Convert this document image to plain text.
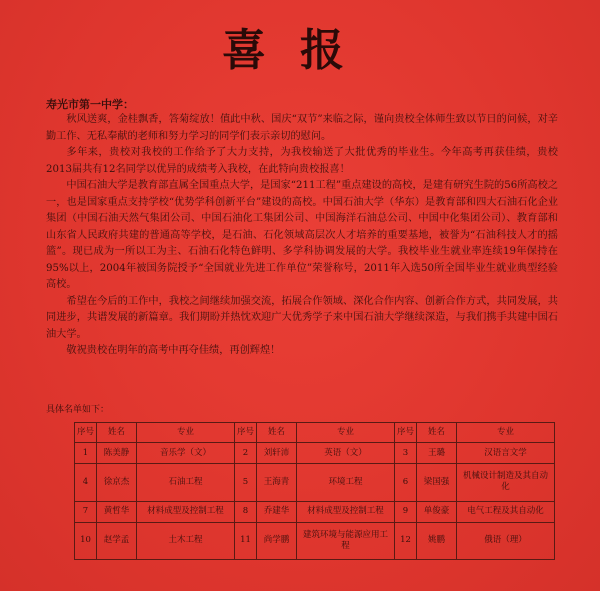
喜报
寿光市第一中学：

秋风送爽，金桂飘香，答菊绽放！值此中秋、国庆“双节”来临之际，谨向贵校全体师生致以节日的问候，对辛勤工作、无私奉献的老师和努力学习的同学们表示亲切的慰问。

多年来，贵校对我校的工作给予了大力支持，为我校输送了大批优秀的毕业生。今年高考再获佳绩，贵校2013届共有12名同学以优异的成绩考入我校，在此特向贵校报喜！

中国石油大学是教育部直属全国重点大学，是国家“211工程”重点建设的高校，是建有研究生院的56所高校之一，也是国家重点支持学校“优势学科创新平台”建设的高校。中国石油大学（华东）是教育部和四大石油石化企业集团（中国石油天然气集团公司、中国石油化工集团公司、中国海洋石油总公司、中国中化集团公司）、教育部和山东省人民政府共建的普通高等学校，是石油、石化领域高层次人才培养的重要基地，被誉为“石油科技人才的摇篮”。现已成为一所以工为主、石油石化特色鲜明、多学科协调发展的大学。我校毕业生就业率连续19年保持在95%以上，2004年被国务院授予“全国就业先进工作单位”荣誉称号，2011年入选50所全国毕业生就业典型经验高校。

希望在今后的工作中，我校之间继续加强交流，拓展合作领域、深化合作内容、创新合作方式，共同发展，共同进步，共谱发展的新篇章。我们期盼并热忱欢迎广大优秀学子来中国石油大学继续深造，与我们携手共建中国石油大学。

敬祝贵校在明年的高考中再夺佳绩，再创辉煌！

具体名单如下：
序号	姓名	专业	序号	姓名	专业	序号	姓名	专业
1	陈美静	音乐学（文）	2	刘轩沛	英语（文）	3	王璐	汉语言文学
4	徐京杰	石油工程	5	王海青	环境工程	6	梁国强	机械设计制造及其自动化
7	黄哲华	材料成型及控制工程	8	乔建华	材料成型及控制工程	9	单俊豪	电气工程及其自动化
10	赵学孟	土木工程	11	尚学鹏	建筑环境与能源应用工程	12	姚鹏	俄语（理）
